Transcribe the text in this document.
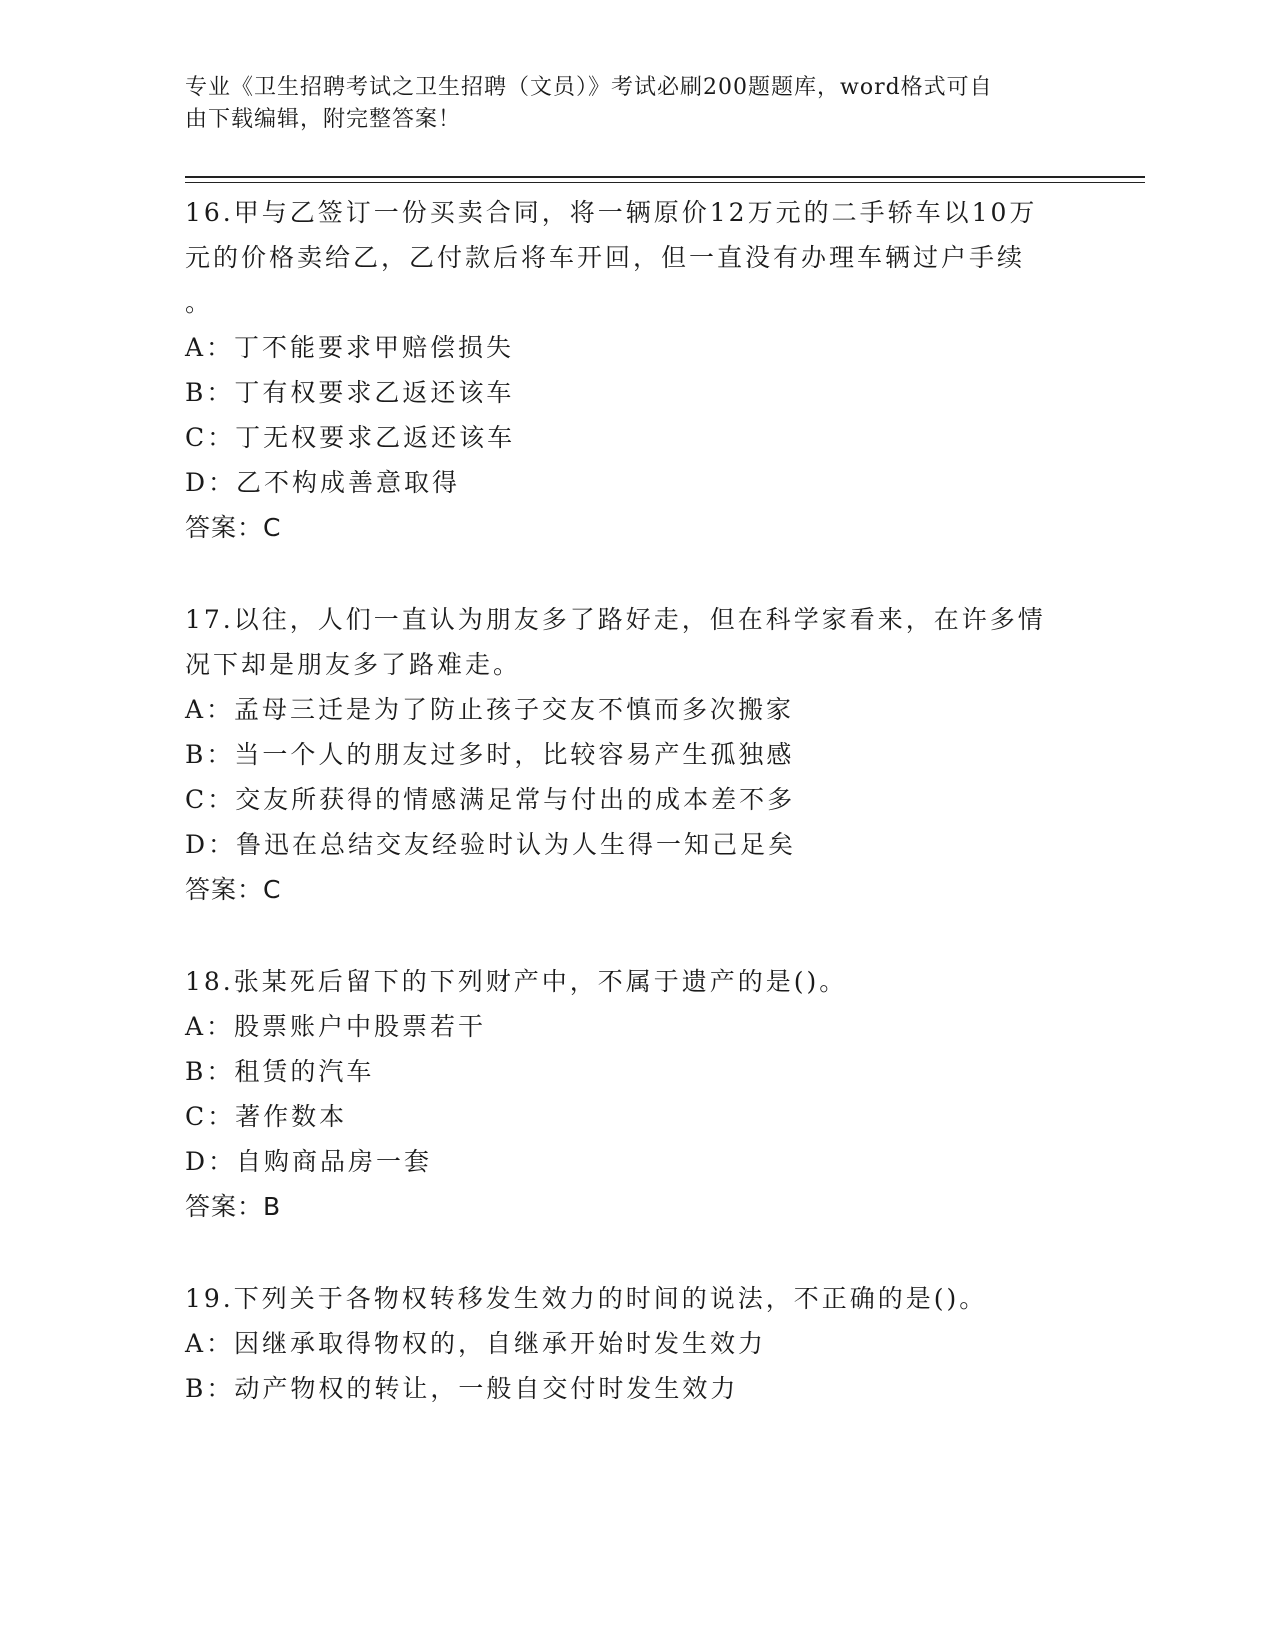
专业《卫生招聘考试之卫生招聘（文员）》考试必刷200题题库，word格式可自
由下载编辑，附完整答案！
16.甲与乙签订一份买卖合同，将一辆原价12万元的二手轿车以10万
元的价格卖给乙，乙付款后将车开回，但一直没有办理车辆过户手续
。
A：丁不能要求甲赔偿损失
B：丁有权要求乙返还该车
C：丁无权要求乙返还该车
D：乙不构成善意取得
答案：C
17.以往，人们一直认为朋友多了路好走，但在科学家看来，在许多情
况下却是朋友多了路难走。
A：孟母三迁是为了防止孩子交友不慎而多次搬家
B：当一个人的朋友过多时，比较容易产生孤独感
C：交友所获得的情感满足常与付出的成本差不多
D：鲁迅在总结交友经验时认为人生得一知己足矣
答案：C
18.张某死后留下的下列财产中，不属于遗产的是()。
A：股票账户中股票若干
B：租赁的汽车
C：著作数本
D：自购商品房一套
答案：B
19.下列关于各物权转移发生效力的时间的说法，不正确的是()。
A：因继承取得物权的，自继承开始时发生效力
B：动产物权的转让，一般自交付时发生效力
